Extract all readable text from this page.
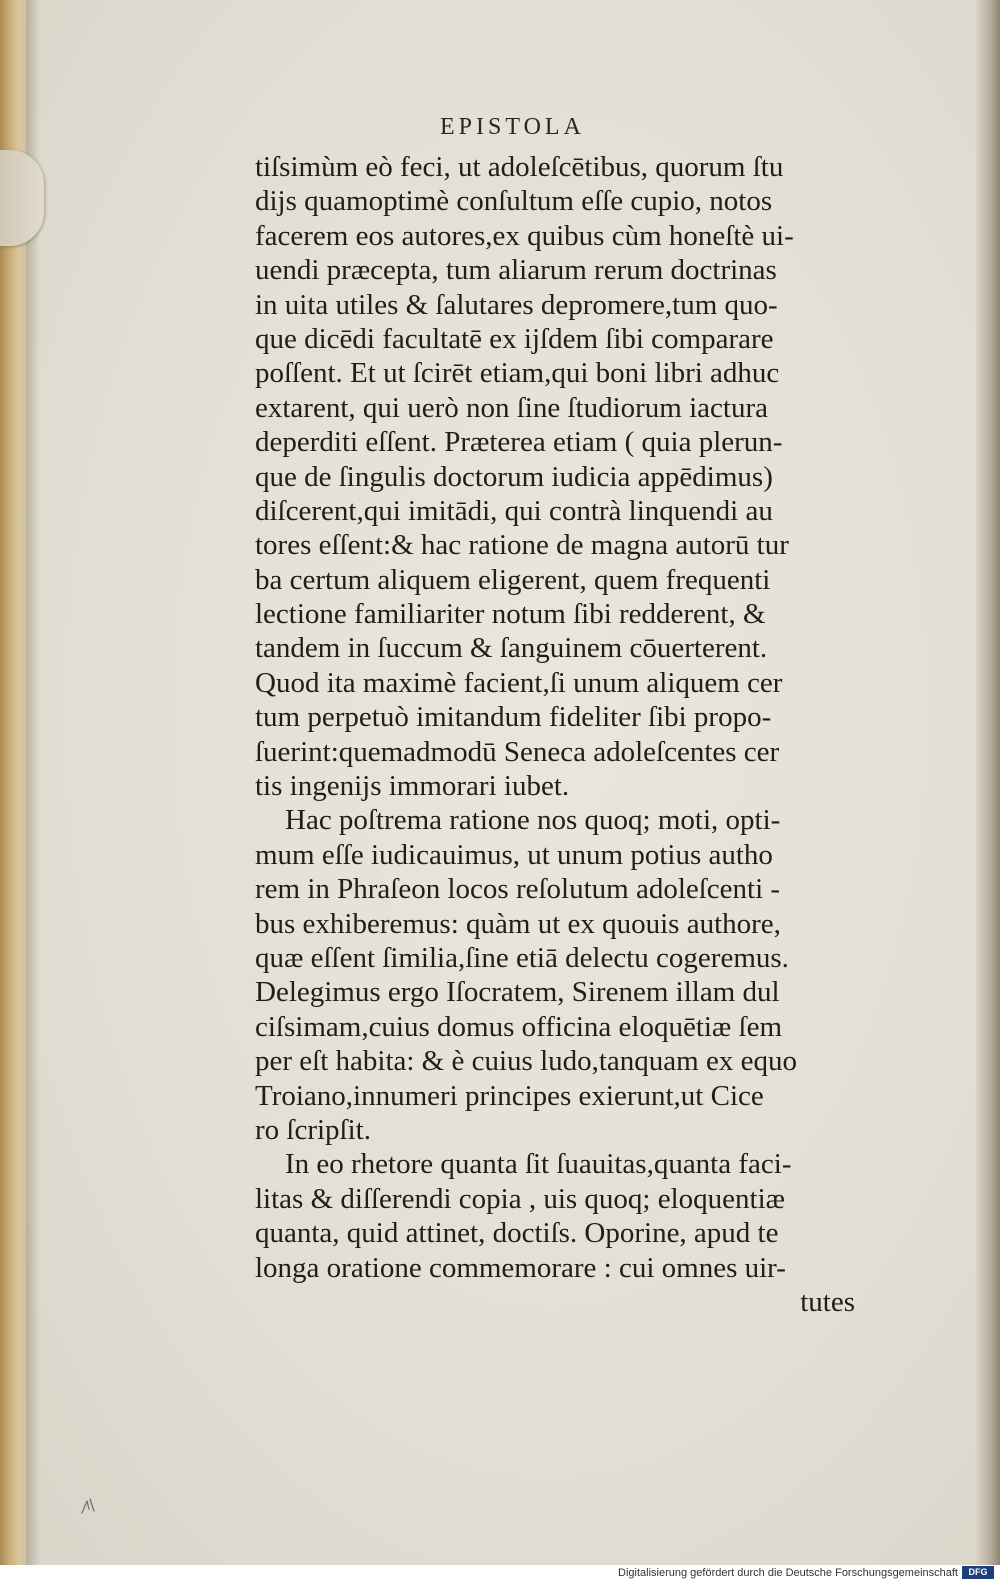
EPISTOLA
tiſsimùm eò feci, ut adoleſcētibus, quorum ſtu
dijs quamoptimè conſultum eſſe cupio, notos
facerem eos autores,ex quibus cùm honeſtè ui-
uendi præcepta, tum aliarum rerum doctrinas
in uita utiles & ſalutares depromere,tum quo-
que dicēdi facultatē ex ijſdem ſibi comparare
poſſent. Et ut ſcirēt etiam,qui boni libri adhuc
extarent, qui uerò non ſine ſtudiorum iactura
deperditi eſſent. Præterea etiam ( quia plerun-
que de ſingulis doctorum iudicia appēdimus)
diſcerent,qui imitādi, qui contrà linquendi au
tores eſſent:& hac ratione de magna autorū tur
ba certum aliquem eligerent, quem frequenti
lectione familiariter notum ſibi redderent, &
tandem in ſuccum & ſanguinem cōuerterent.
Quod ita maximè facient,ſi unum aliquem cer
tum perpetuò imitandum fideliter ſibi propo-
ſuerint:quemadmodū Seneca adoleſcentes cer
tis ingenijs immorari iubet.
Hac poſtrema ratione nos quoq; moti, opti-
mum eſſe iudicauimus, ut unum potius autho
rem in Phraſeon locos reſolutum adoleſcenti -
bus exhiberemus: quàm ut ex quouis authore,
quæ eſſent ſimilia,ſine etiā delectu cogeremus.
Delegimus ergo Iſocratem, Sirenem illam dul
ciſsimam,cuius domus officina eloquētiæ ſem
per eſt habita: & è cuius ludo,tanquam ex equo
Troiano,innumeri principes exierunt,ut Cice
ro ſcripſit.
In eo rhetore quanta ſit ſuauitas,quanta faci-
litas & diſſerendi copia , uis quoq; eloquentiæ
quanta, quid attinet, doctiſs. Oporine, apud te
longa oratione commemorare : cui omnes uir-
tutes
Digitalisierung gefördert durch die Deutsche Forschungsgemeinschaft	DFG
